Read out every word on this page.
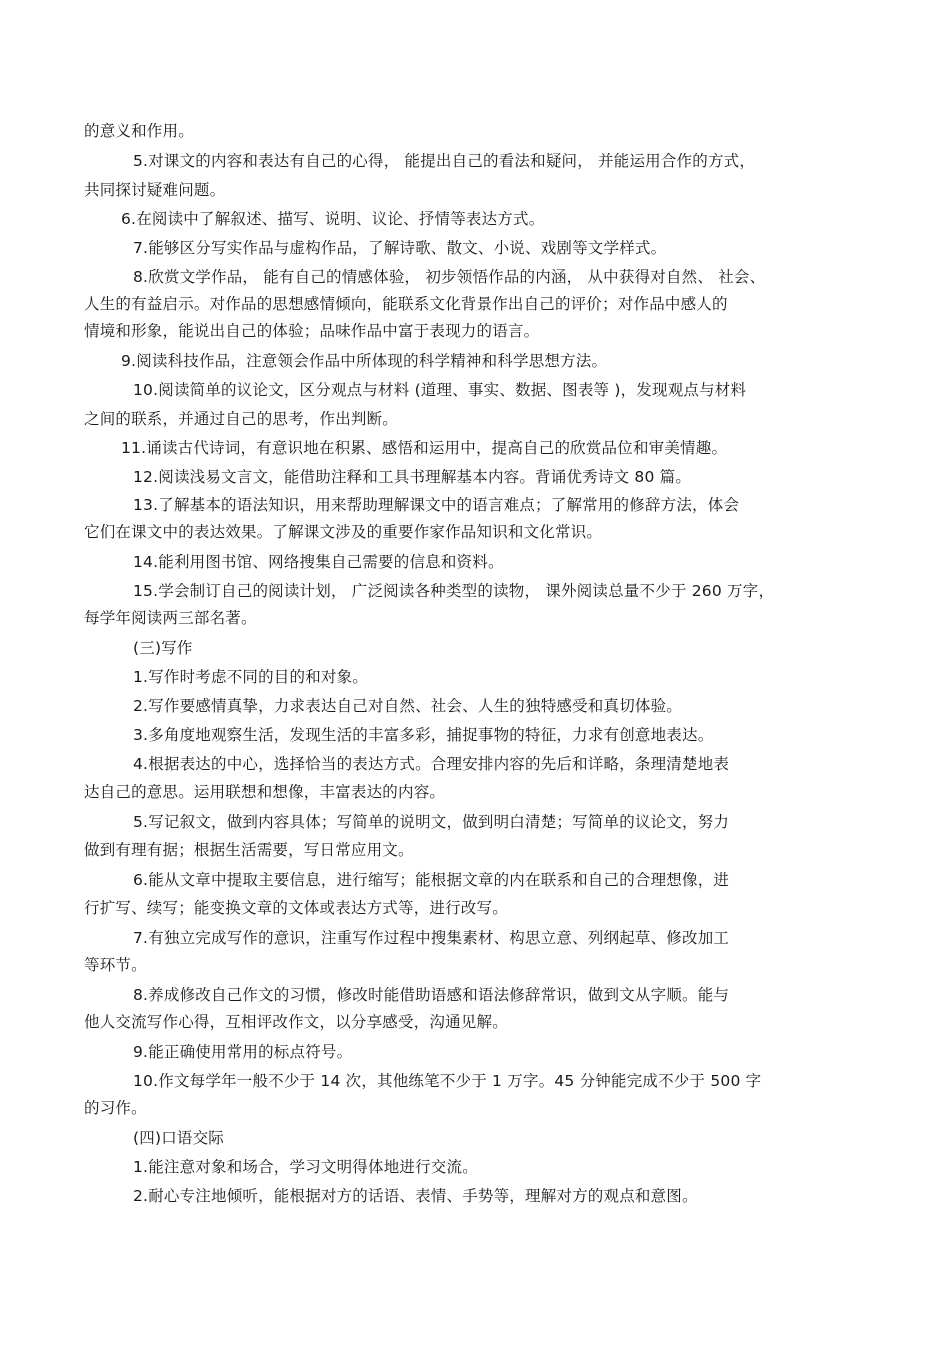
的意义和作用。
5.对课文的内容和表达有自己的心得， 能提出自己的看法和疑问， 并能运用合作的方式，
共同探讨疑难问题。
6.在阅读中了解叙述、描写、说明、议论、抒情等表达方式。
7.能够区分写实作品与虚构作品，了解诗歌、散文、小说、戏剧等文学样式。
8.欣赏文学作品， 能有自己的情感体验， 初步领悟作品的内涵， 从中获得对自然、 社会、
人生的有益启示。对作品的思想感情倾向，能联系文化背景作出自己的评价；对作品中感人的
情境和形象，能说出自己的体验；品味作品中富于表现力的语言。
9.阅读科技作品，注意领会作品中所体现的科学精神和科学思想方法。
10.阅读简单的议论文，区分观点与材料 (道理、事实、数据、图表等 )，发现观点与材料
之间的联系，并通过自己的思考，作出判断。
11.诵读古代诗词，有意识地在积累、感悟和运用中，提高自己的欣赏品位和审美情趣。
12.阅读浅易文言文，能借助注释和工具书理解基本内容。背诵优秀诗文 80 篇。
13.了解基本的语法知识，用来帮助理解课文中的语言难点；了解常用的修辞方法，体会
它们在课文中的表达效果。了解课文涉及的重要作家作品知识和文化常识。
14.能利用图书馆、网络搜集自己需要的信息和资料。
15.学会制订自己的阅读计划， 广泛阅读各种类型的读物， 课外阅读总量不少于 260 万字，
每学年阅读两三部名著。
(三)写作
1.写作时考虑不同的目的和对象。
2.写作要感情真挚，力求表达自己对自然、社会、人生的独特感受和真切体验。
3.多角度地观察生活，发现生活的丰富多彩，捕捉事物的特征，力求有创意地表达。
4.根据表达的中心，选择恰当的表达方式。合理安排内容的先后和详略，条理清楚地表
达自己的意思。运用联想和想像，丰富表达的内容。
5.写记叙文，做到内容具体；写简单的说明文，做到明白清楚；写简单的议论文，努力
做到有理有据；根据生活需要，写日常应用文。
6.能从文章中提取主要信息，进行缩写；能根据文章的内在联系和自己的合理想像，进
行扩写、续写；能变换文章的文体或表达方式等，进行改写。
7.有独立完成写作的意识，注重写作过程中搜集素材、构思立意、列纲起草、修改加工
等环节。
8.养成修改自己作文的习惯，修改时能借助语感和语法修辞常识，做到文从字顺。能与
他人交流写作心得，互相评改作文，以分享感受，沟通见解。
9.能正确使用常用的标点符号。
10.作文每学年一般不少于 14 次，其他练笔不少于 1 万字。45 分钟能完成不少于 500 字
的习作。
(四)口语交际
1.能注意对象和场合，学习文明得体地进行交流。
2.耐心专注地倾听，能根据对方的话语、表情、手势等，理解对方的观点和意图。
